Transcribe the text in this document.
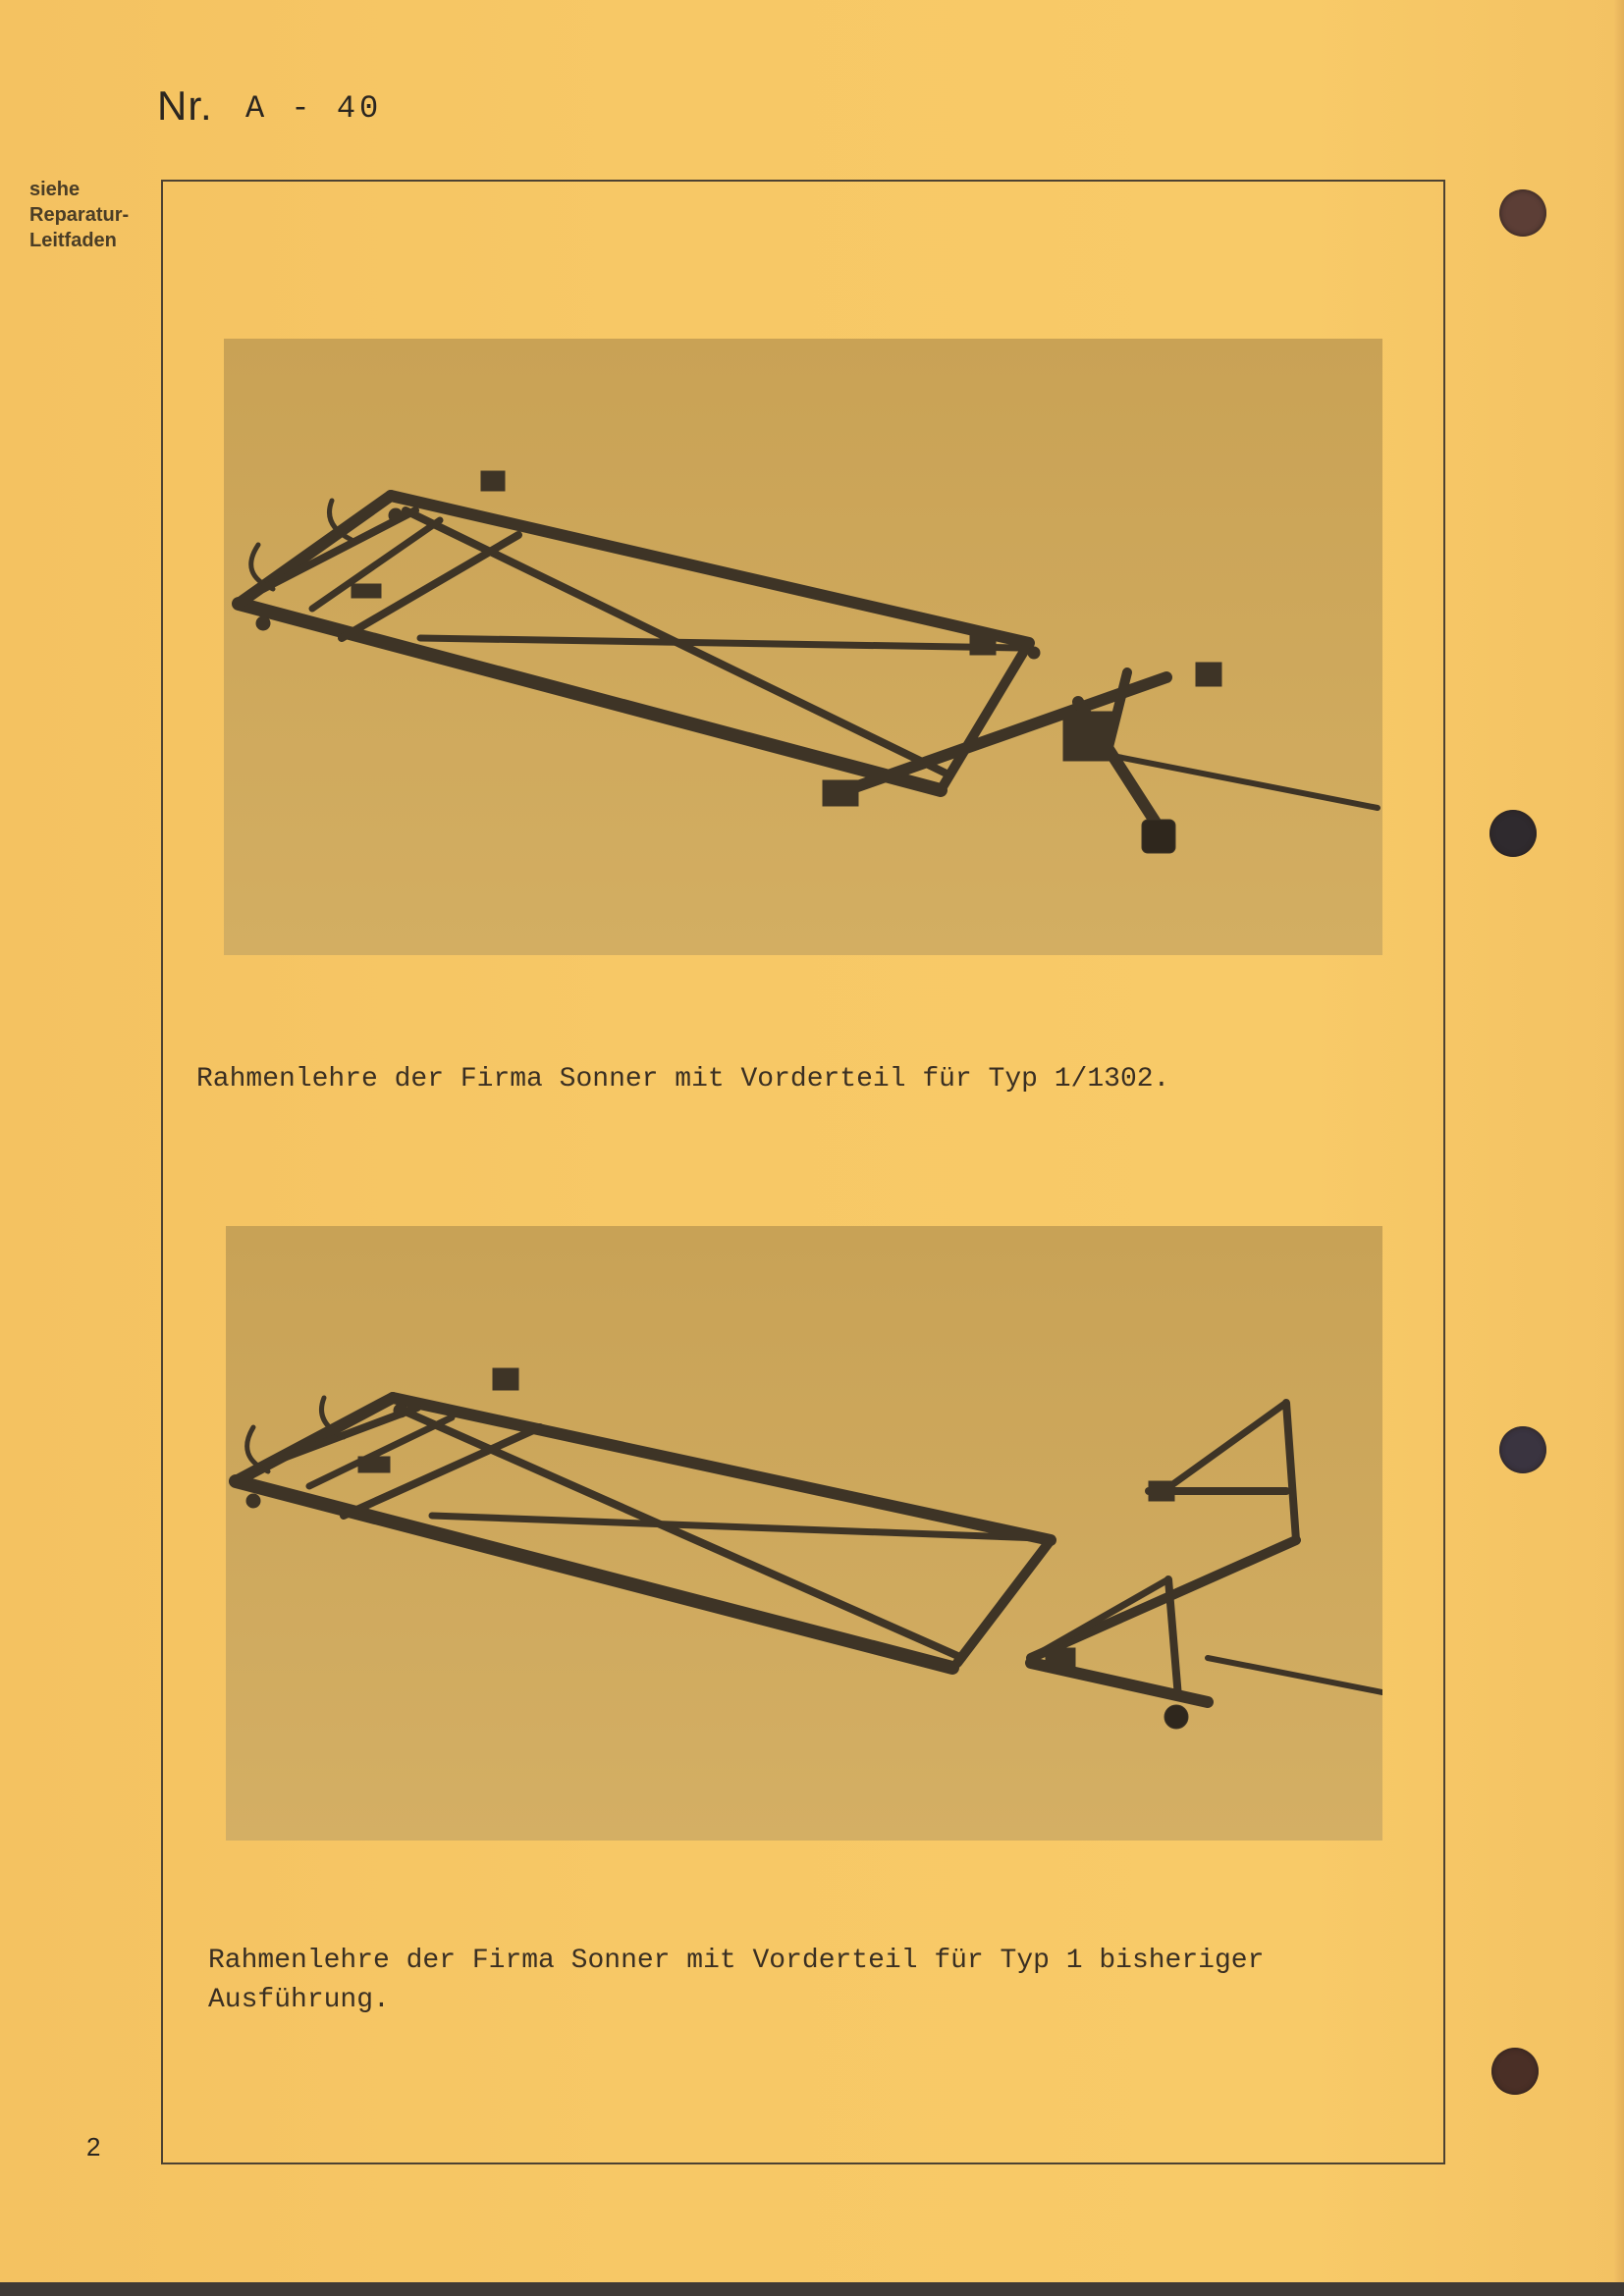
Nr. A - 40
siehe
Reparatur-
Leitfaden
Rahmenlehre der Firma Sonner mit Vorderteil für Typ 1/1302.
Rahmenlehre der Firma Sonner mit Vorderteil für Typ 1 bisheriger
Ausführung.
2
